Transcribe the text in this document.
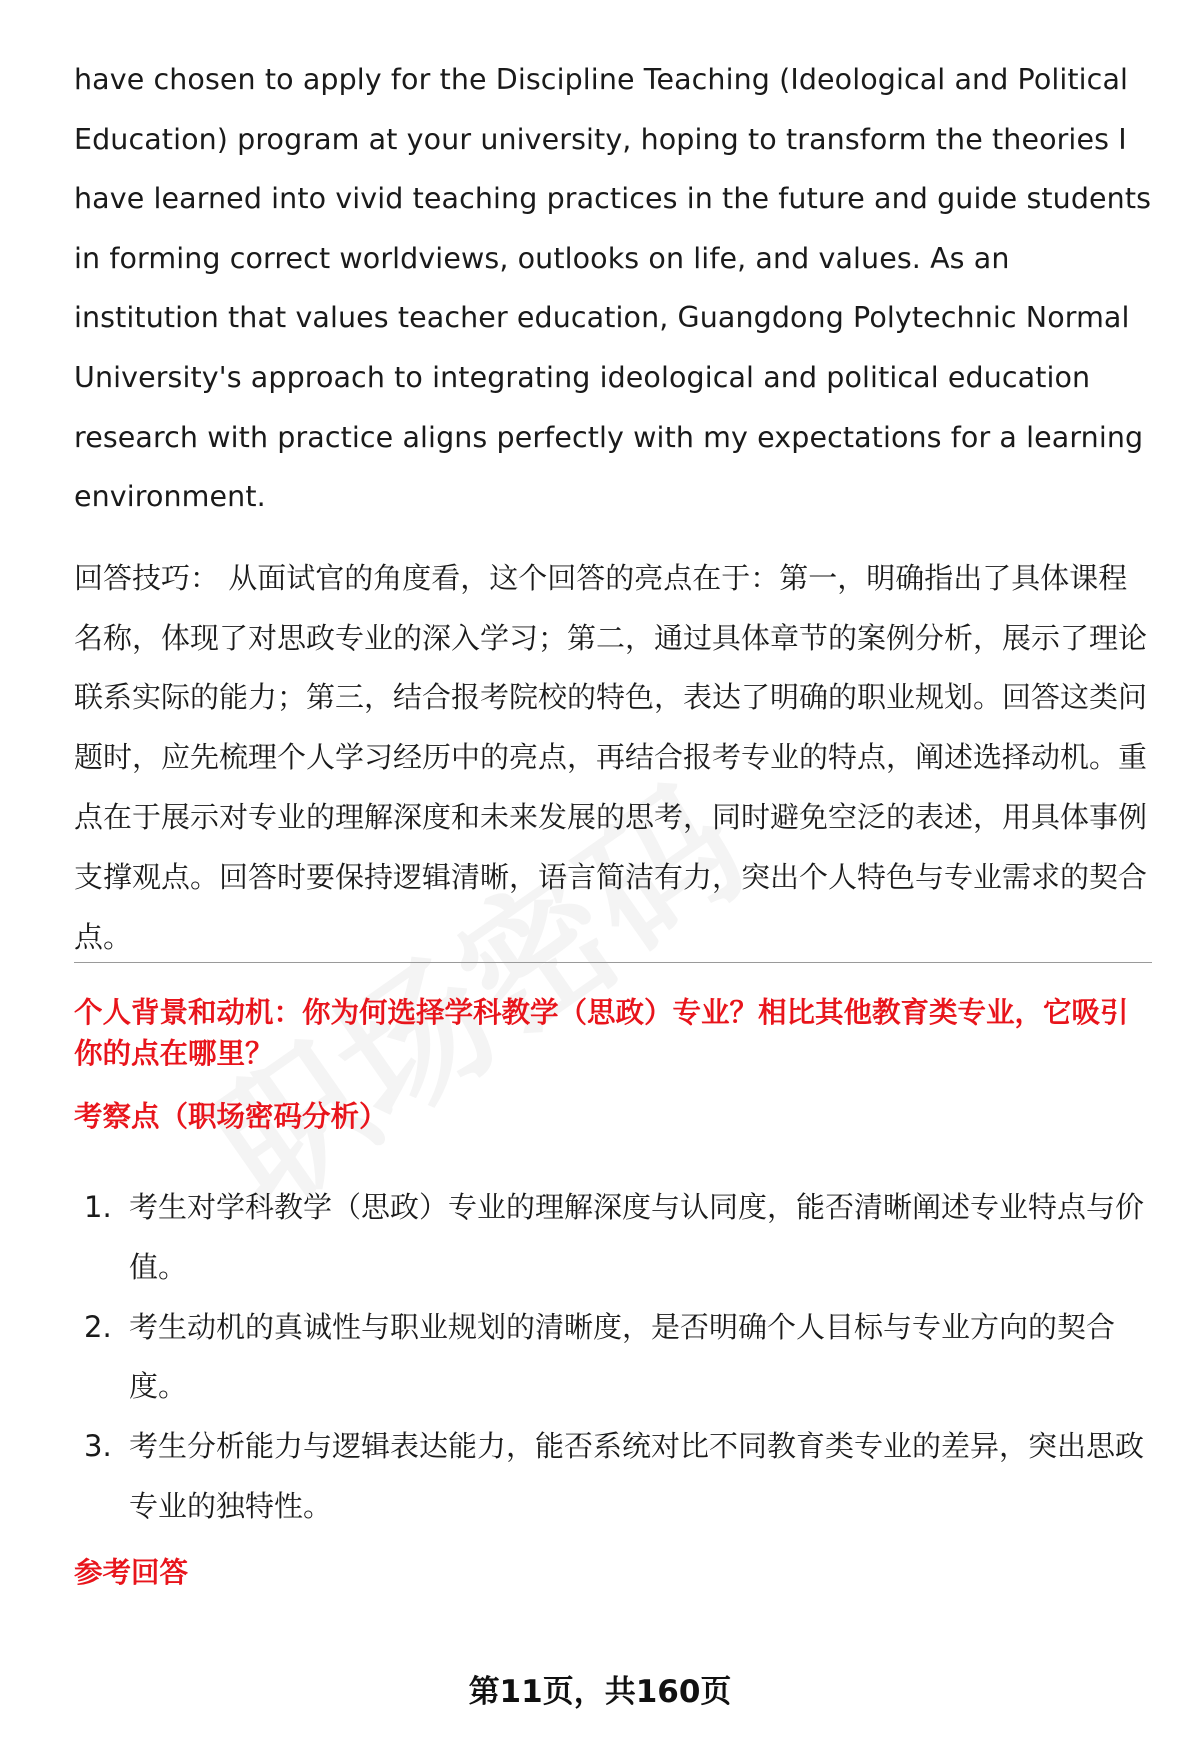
have chosen to apply for the Discipline Teaching (Ideological and Political Education) program at your university, hoping to transform the theories I have learned into vivid teaching practices in the future and guide students in forming correct worldviews, outlooks on life, and values. As an institution that values teacher education, Guangdong Polytechnic Normal University's approach to integrating ideological and political education research with practice aligns perfectly with my expectations for a learning environment.

回答技巧： 从面试官的角度看，这个回答的亮点在于：第一，明确指出了具体课程名称，体现了对思政专业的深入学习；第二，通过具体章节的案例分析，展示了理论联系实际的能力；第三，结合报考院校的特色，表达了明确的职业规划。回答这类问题时，应先梳理个人学习经历中的亮点，再结合报考专业的特点，阐述选择动机。重点在于展示对专业的理解深度和未来发展的思考，同时避免空泛的表述，用具体事例支撑观点。回答时要保持逻辑清晰，语言简洁有力，突出个人特色与专业需求的契合点。
个人背景和动机：你为何选择学科教学（思政）专业？相比其他教育类专业，它吸引你的点在哪里？
考察点（职场密码分析）
1. 考生对学科教学（思政）专业的理解深度与认同度，能否清晰阐述专业特点与价值。
2. 考生动机的真诚性与职业规划的清晰度，是否明确个人目标与专业方向的契合度。
3. 考生分析能力与逻辑表达能力，能否系统对比不同教育类专业的差异，突出思政专业的独特性。
参考回答
第11页，共160页
